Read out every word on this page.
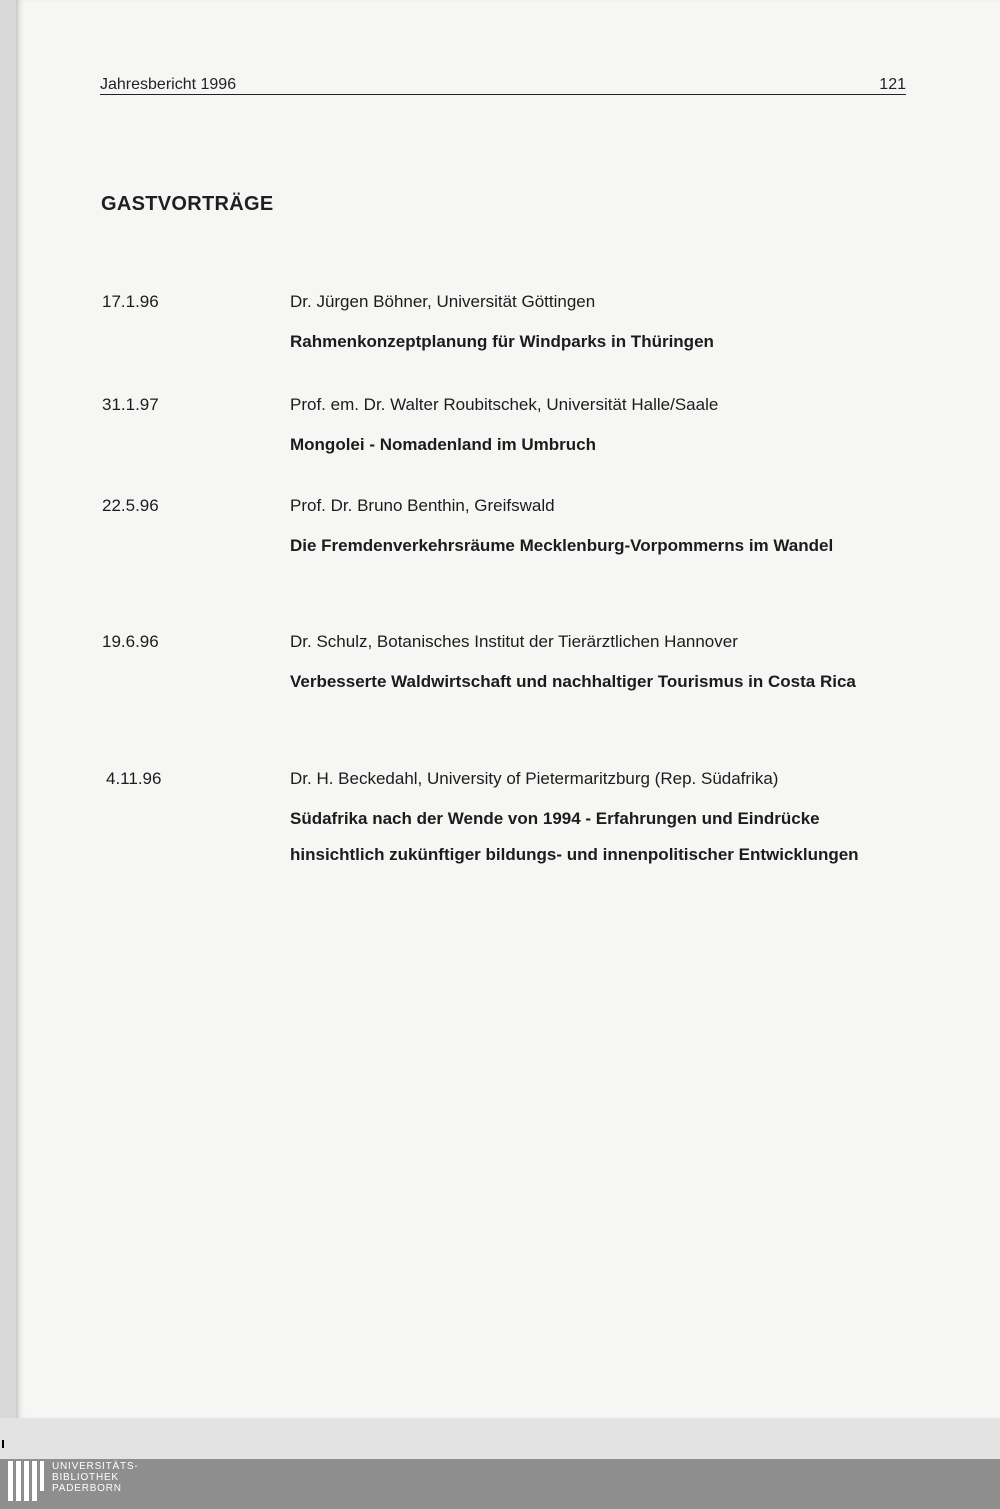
Jahresbericht 1996	121
GASTVORTRÄGE
17.1.96	Dr. Jürgen Böhner, Universität Göttingen
Rahmenkonzeptplanung für Windparks in Thüringen
31.1.97	Prof. em. Dr. Walter Roubitschek, Universität Halle/Saale
Mongolei - Nomadenland im Umbruch
22.5.96	Prof. Dr. Bruno Benthin, Greifswald
Die Fremdenverkehrsräume Mecklenburg-Vorpommerns im Wandel
19.6.96	Dr. Schulz, Botanisches Institut der Tierärztlichen Hannover
Verbesserte Waldwirtschaft und nachhaltiger Tourismus in Costa Rica
4.11.96	Dr. H. Beckedahl, University of Pietermaritzburg (Rep. Südafrika)
Südafrika nach der Wende von 1994 - Erfahrungen und Eindrücke hinsichtlich zukünftiger bildungs- und innenpolitischer Entwicklungen
UNIVERSITÄTS-
BIBLIOTHEK
PADERBORN
